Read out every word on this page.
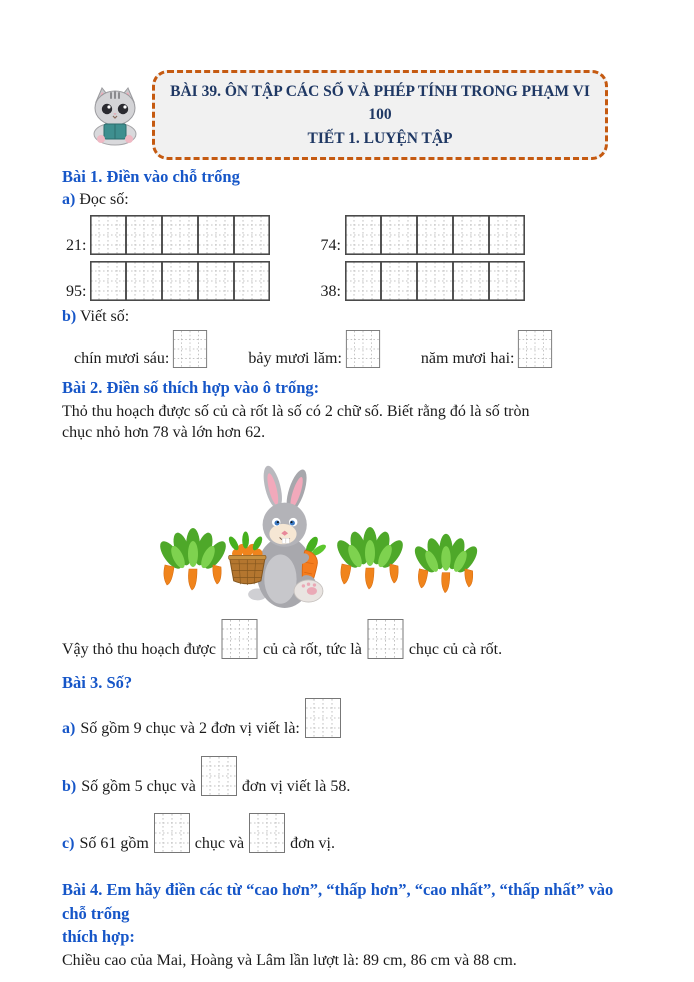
BÀI 39. ÔN TẬP CÁC SỐ VÀ PHÉP TÍNH TRONG PHẠM VI 100
TIẾT 1. LUYỆN TẬP
Bài 1. Điền vào chỗ trống
a) Đọc số:
21:	74:
95:	38:
b) Viết số:
chín mươi sáu:	bảy mươi lăm:	năm mươi hai:
Bài 2. Điền số thích hợp vào ô trống:
Thỏ thu hoạch được số củ cà rốt là số có 2 chữ số. Biết rằng đó là số tròn
chục nhỏ hơn 78 và lớn hơn 62.
Vậy thỏ thu hoạch được	củ cà rốt, tức là	chục củ cà rốt.
Bài 3. Số?
a) Số gồm 9 chục và 2 đơn vị viết là:
b) Số gồm 5 chục và	đơn vị viết là 58.
c) Số 61 gồm	chục và	đơn vị.
Bài 4. Em hãy điền các từ “cao hơn”, “thấp hơn”, “cao nhất”, “thấp nhất” vào chỗ trống
thích hợp:
Chiều cao của Mai, Hoàng và Lâm lần lượt là: 89 cm, 86 cm và 88 cm.
